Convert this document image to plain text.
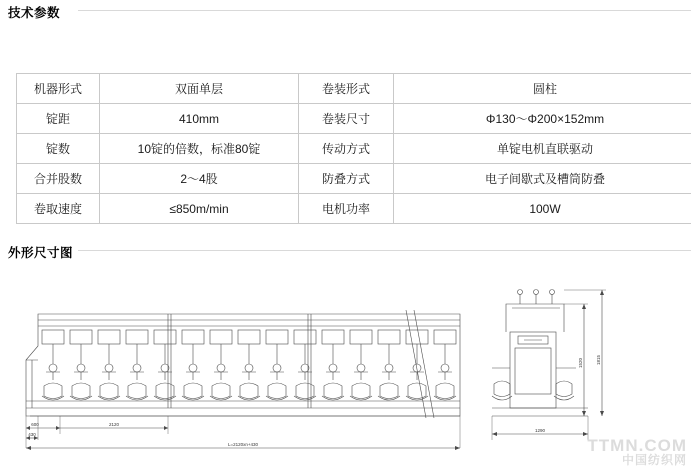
技术参数
机器形式	双面单层	卷装形式	圆柱
锭距	410mm	卷装尺寸	Φ130～Φ200×152mm
锭数	10锭的倍数，标准80锭	传动方式	单锭电机直联驱动
合并股数	2～4股	防叠方式	电子间歇式及槽筒防叠
卷取速度	≤850m/min	电机功率	100W
外形尺寸图
600
430
2120
L=2120xn+430
1290
1815
1520
TTMN.COM
中国纺织网
